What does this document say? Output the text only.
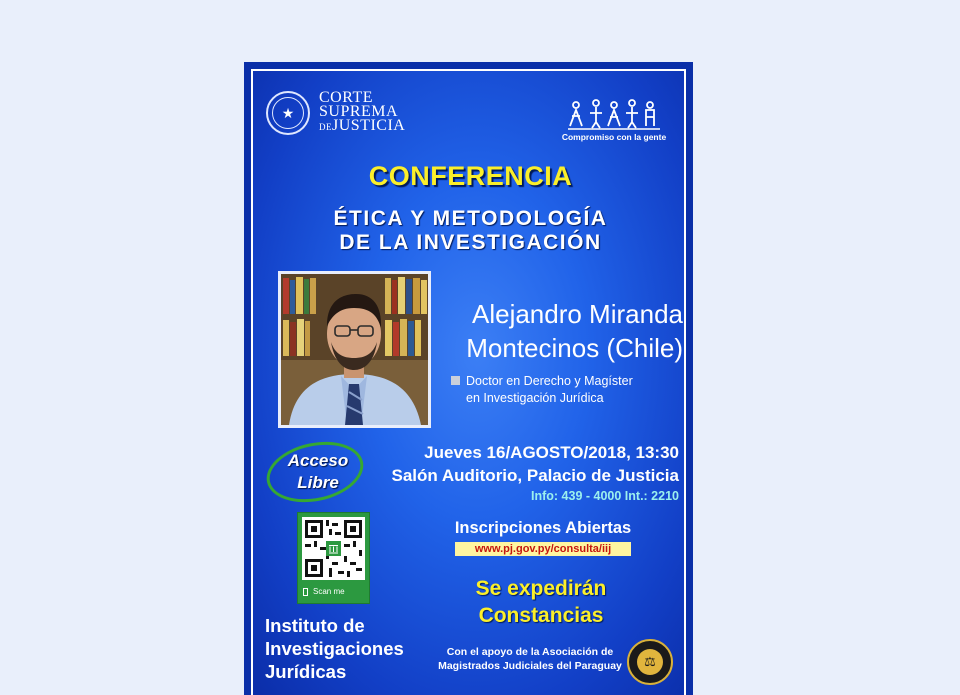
★
CORTE
SUPREMA
DEJUSTICIA
Compromiso con la gente
CONFERENCIA
ÉTICA Y METODOLOGÍA
DE LA INVESTIGACIÓN
Alejandro Miranda
Montecinos (Chile)
Doctor en Derecho y Magíster
en Investigación Jurídica
Acceso
Libre
Jueves 16/AGOSTO/2018, 13:30
Salón Auditorio, Palacio de Justicia
Info: 439 - 4000 Int.: 2210
Scan me
Inscripciones Abiertas
www.pj.gov.py/consulta/iij
Se expedirán
Constancias
Instituto de
Investigaciones
Jurídicas
Con el apoyo de la Asociación de
Magistrados Judiciales del Paraguay	⚖
